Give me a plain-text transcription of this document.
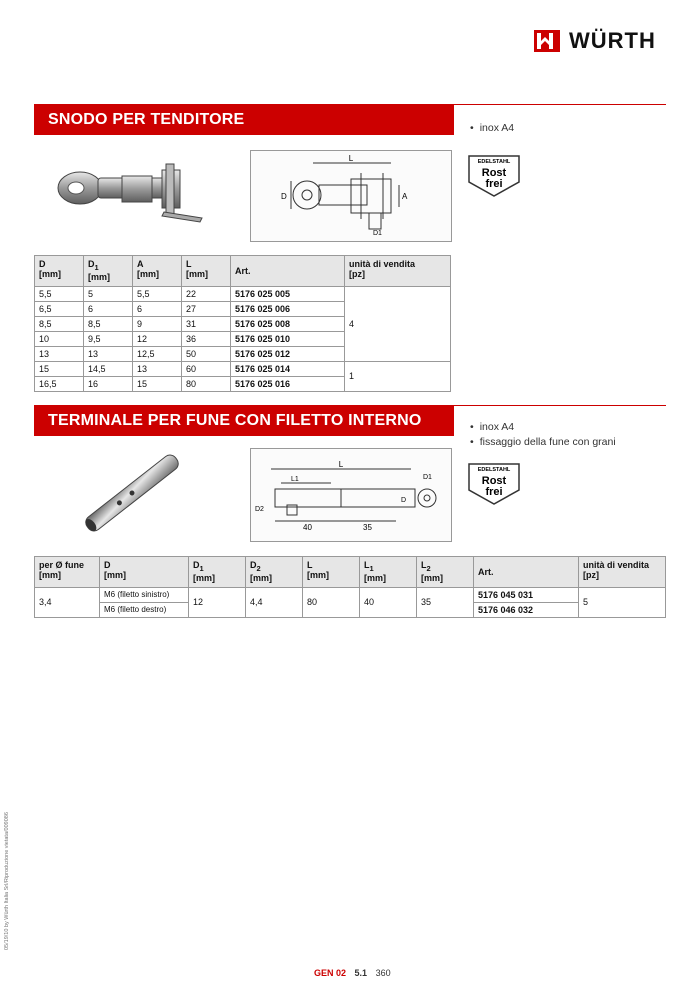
WÜRTH
SNODO PER TENDITORE	• inox A4
EDELSTAHL
Rost
frei
L
D	A
D1
D
[mm]	$D_1$
[mm]	A
[mm]	L
[mm]	Art.	unità di vendita
[pz]
5,5	5	5,5	22	5176 025 005	4
6,5	6	6	27	5176 025 006	
8,5	8,5	9	31	5176 025 008	
10	9,5	12	36	5176 025 010	
13	13	12,5	50	5176 025 012	
15	14,5	13	60	5176 025 014	1
16,5	16	15	80	5176 025 016	
TERMINALE PER FUNE CON FILETTO INTERNO	• inox A4
• fissaggio della fune con grani
EDELSTAHL
Rost
frei
L
L1	D1
D2
D
40	35
per Ø fune
[mm]	D
[mm]	$D_1$
[mm]	$D_2$
[mm]	L
[mm]	$L_1$
[mm]	$L_2$
[mm]	Art.	unità di vendita
[pz]
3,4	M6 (filetto sinistro)	12	4,4	80	40	35	5176 045 031	5
	M6 (filetto destro)						5176 046 032	
05/19/10 by Würth Italia Srl/Riproduzione vietata/009086
GEN 02 5.1 360
